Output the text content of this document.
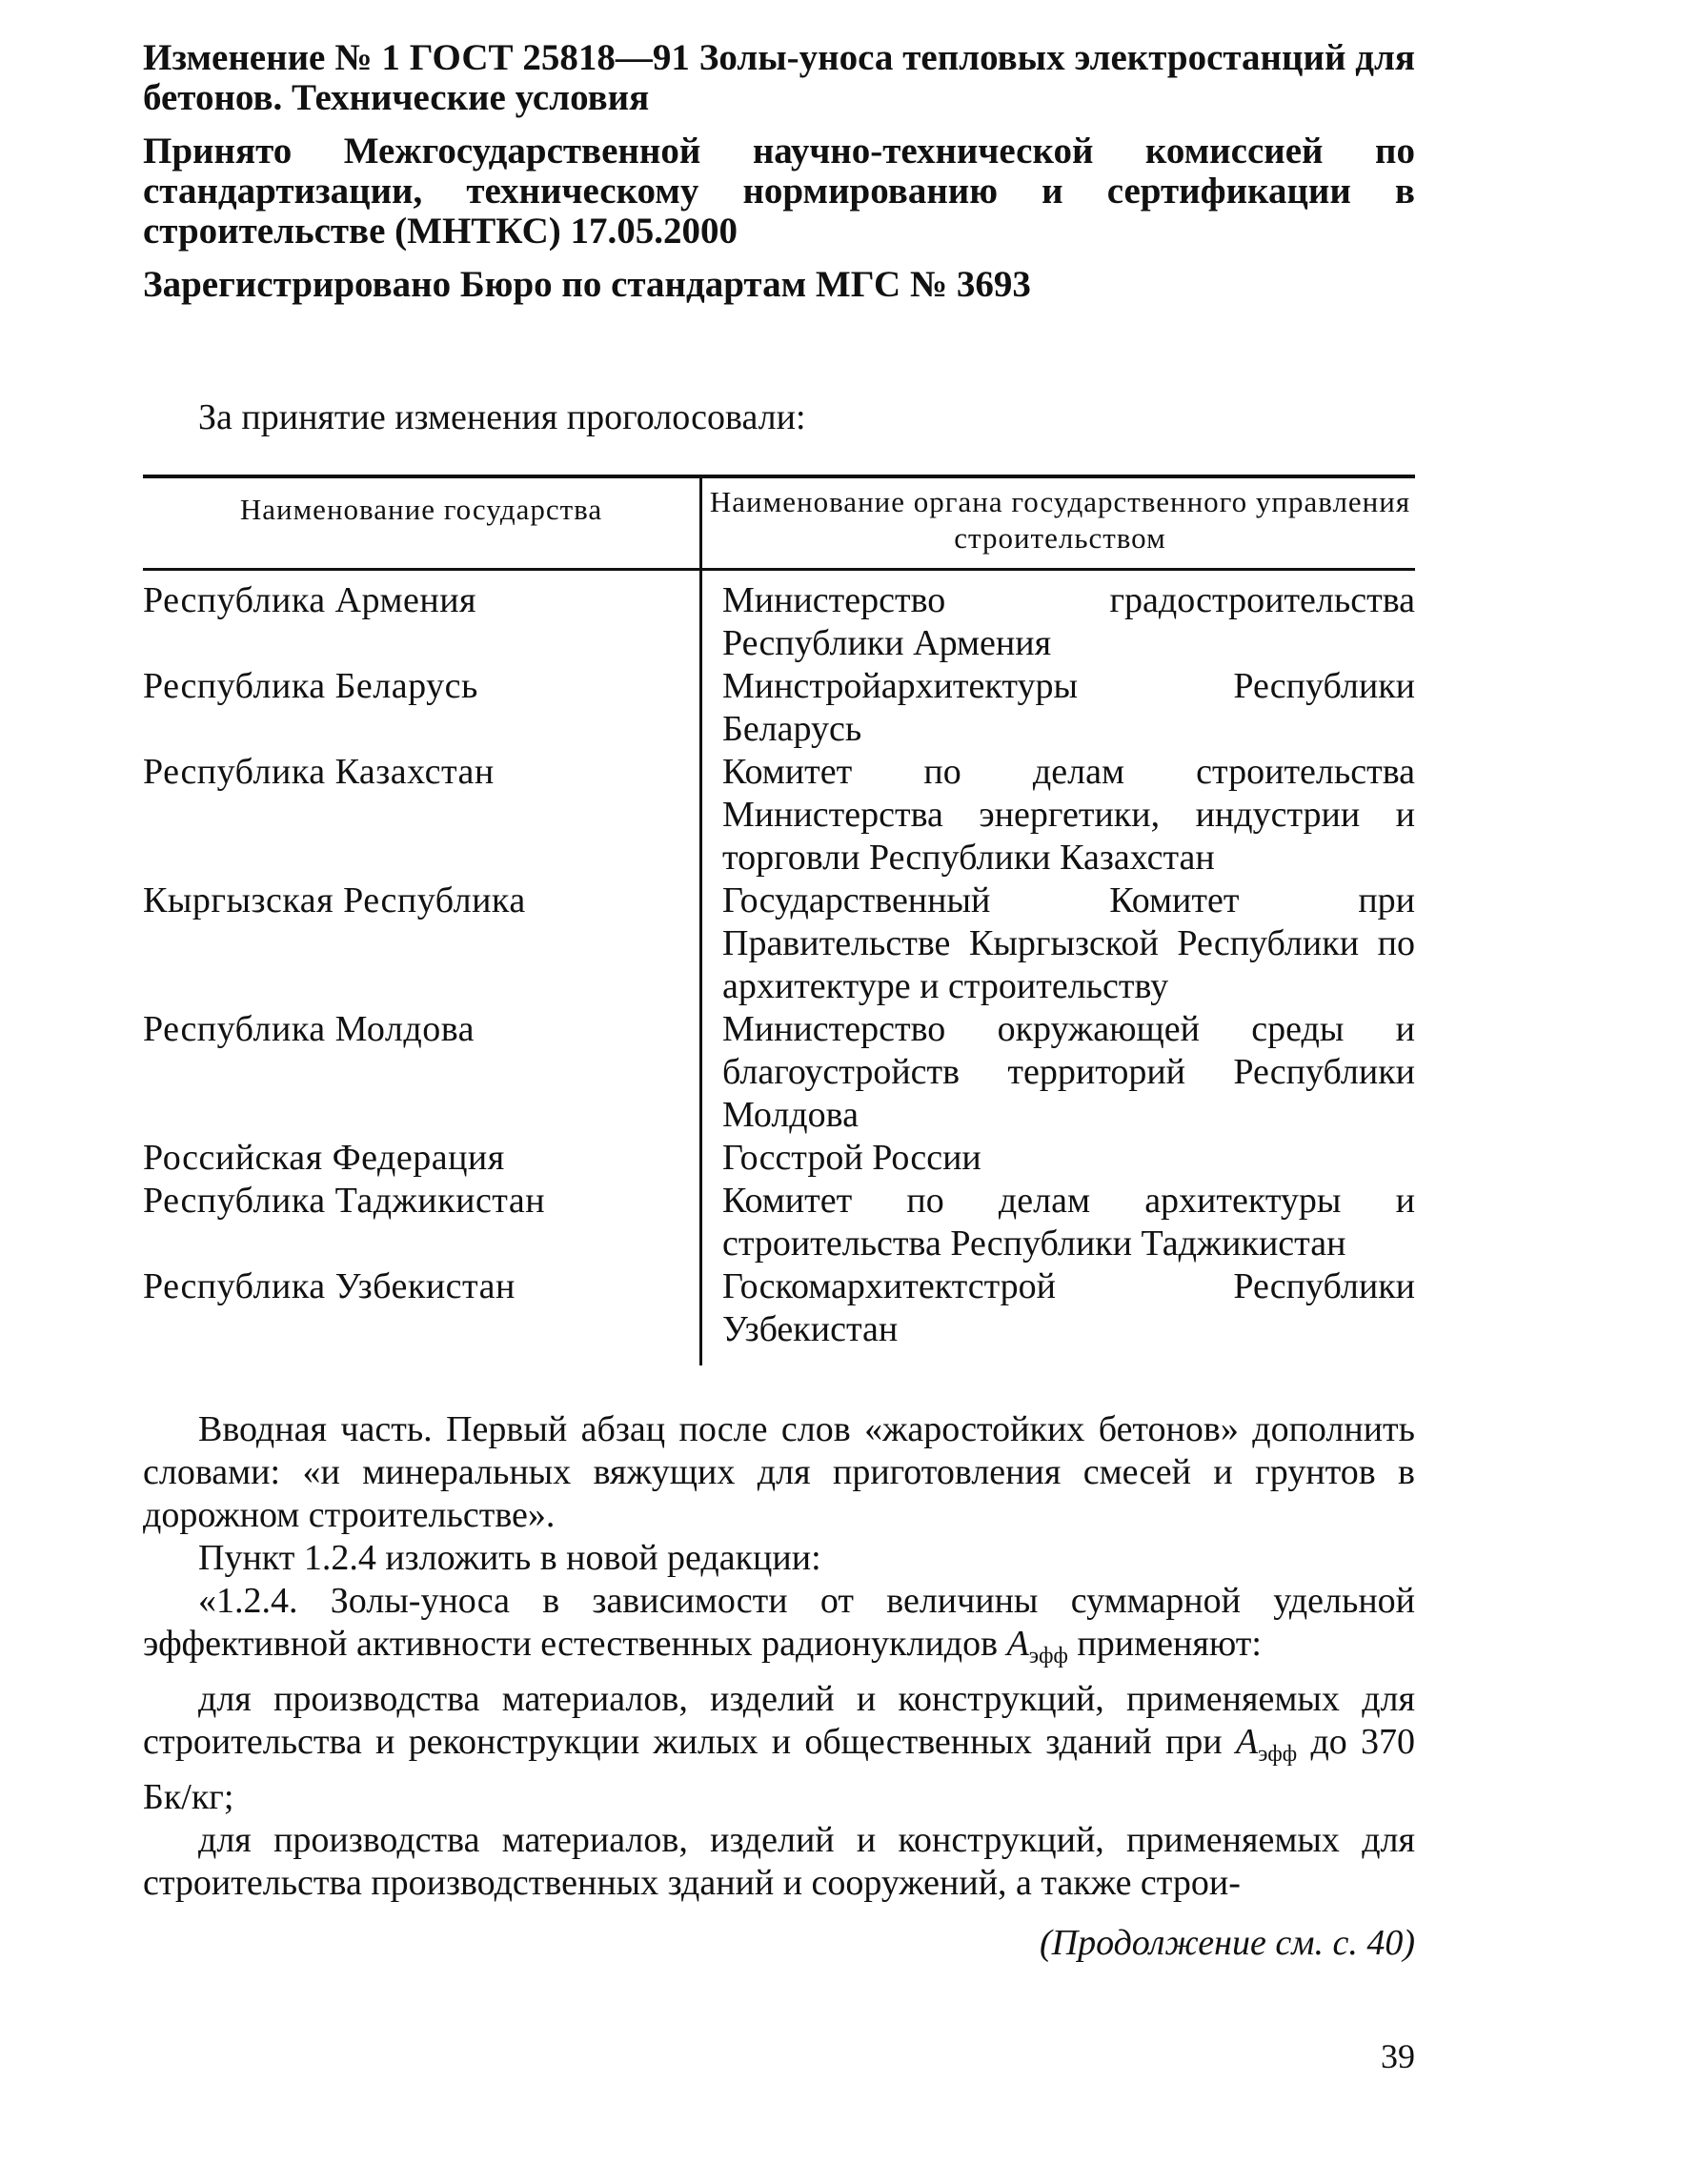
Изменение № 1 ГОСТ 25818—91 Золы-уноса тепловых электростанций для бетонов. Технические условия

Принято Межгосударственной научно-технической комиссией по стандартизации, техническому нормированию и сертификации в строительстве (МНТКС) 17.05.2000

Зарегистрировано Бюро по стандартам МГС № 3693

За принятие изменения проголосовали:
Наименование государства	Наименование органа государственного управления строительством
Республика Армения	Министерство градостроительства Республики Армения
Республика Беларусь	Минстройархитектуры Республики Беларусь
Республика Казахстан	Комитет по делам строительства Министерства энергетики, индустрии и торговли Республики Казахстан
Кыргызская Республика	Государственный Комитет при Правительстве Кыргызской Республики по архитектуре и строительству
Республика Молдова	Министерство окружающей среды и благоустройств территорий Республики Молдова
Российская Федерация	Госстрой России
Республика Таджикистан	Комитет по делам архитектуры и строительства Республики Таджикистан
Республика Узбекистан	Госкомархитектстрой Республики Узбекистан

Вводная часть. Первый абзац после слов «жаростойких бетонов» дополнить словами: «и минеральных вяжущих для приготовления смесей и грунтов в дорожном строительстве».

Пункт 1.2.4 изложить в новой редакции:

«1.2.4. Золы-уноса в зависимости от величины суммарной удельной эффективной активности естественных радионуклидов $A_{эфф}$ применяют:

для производства материалов, изделий и конструкций, применяемых для строительства и реконструкции жилых и общественных зданий при $A_{эфф}$ до 370 Бк/кг;

для производства материалов, изделий и конструкций, применяемых для строительства производственных зданий и сооружений, а также строи-

(Продолжение см. с. 40)
39
